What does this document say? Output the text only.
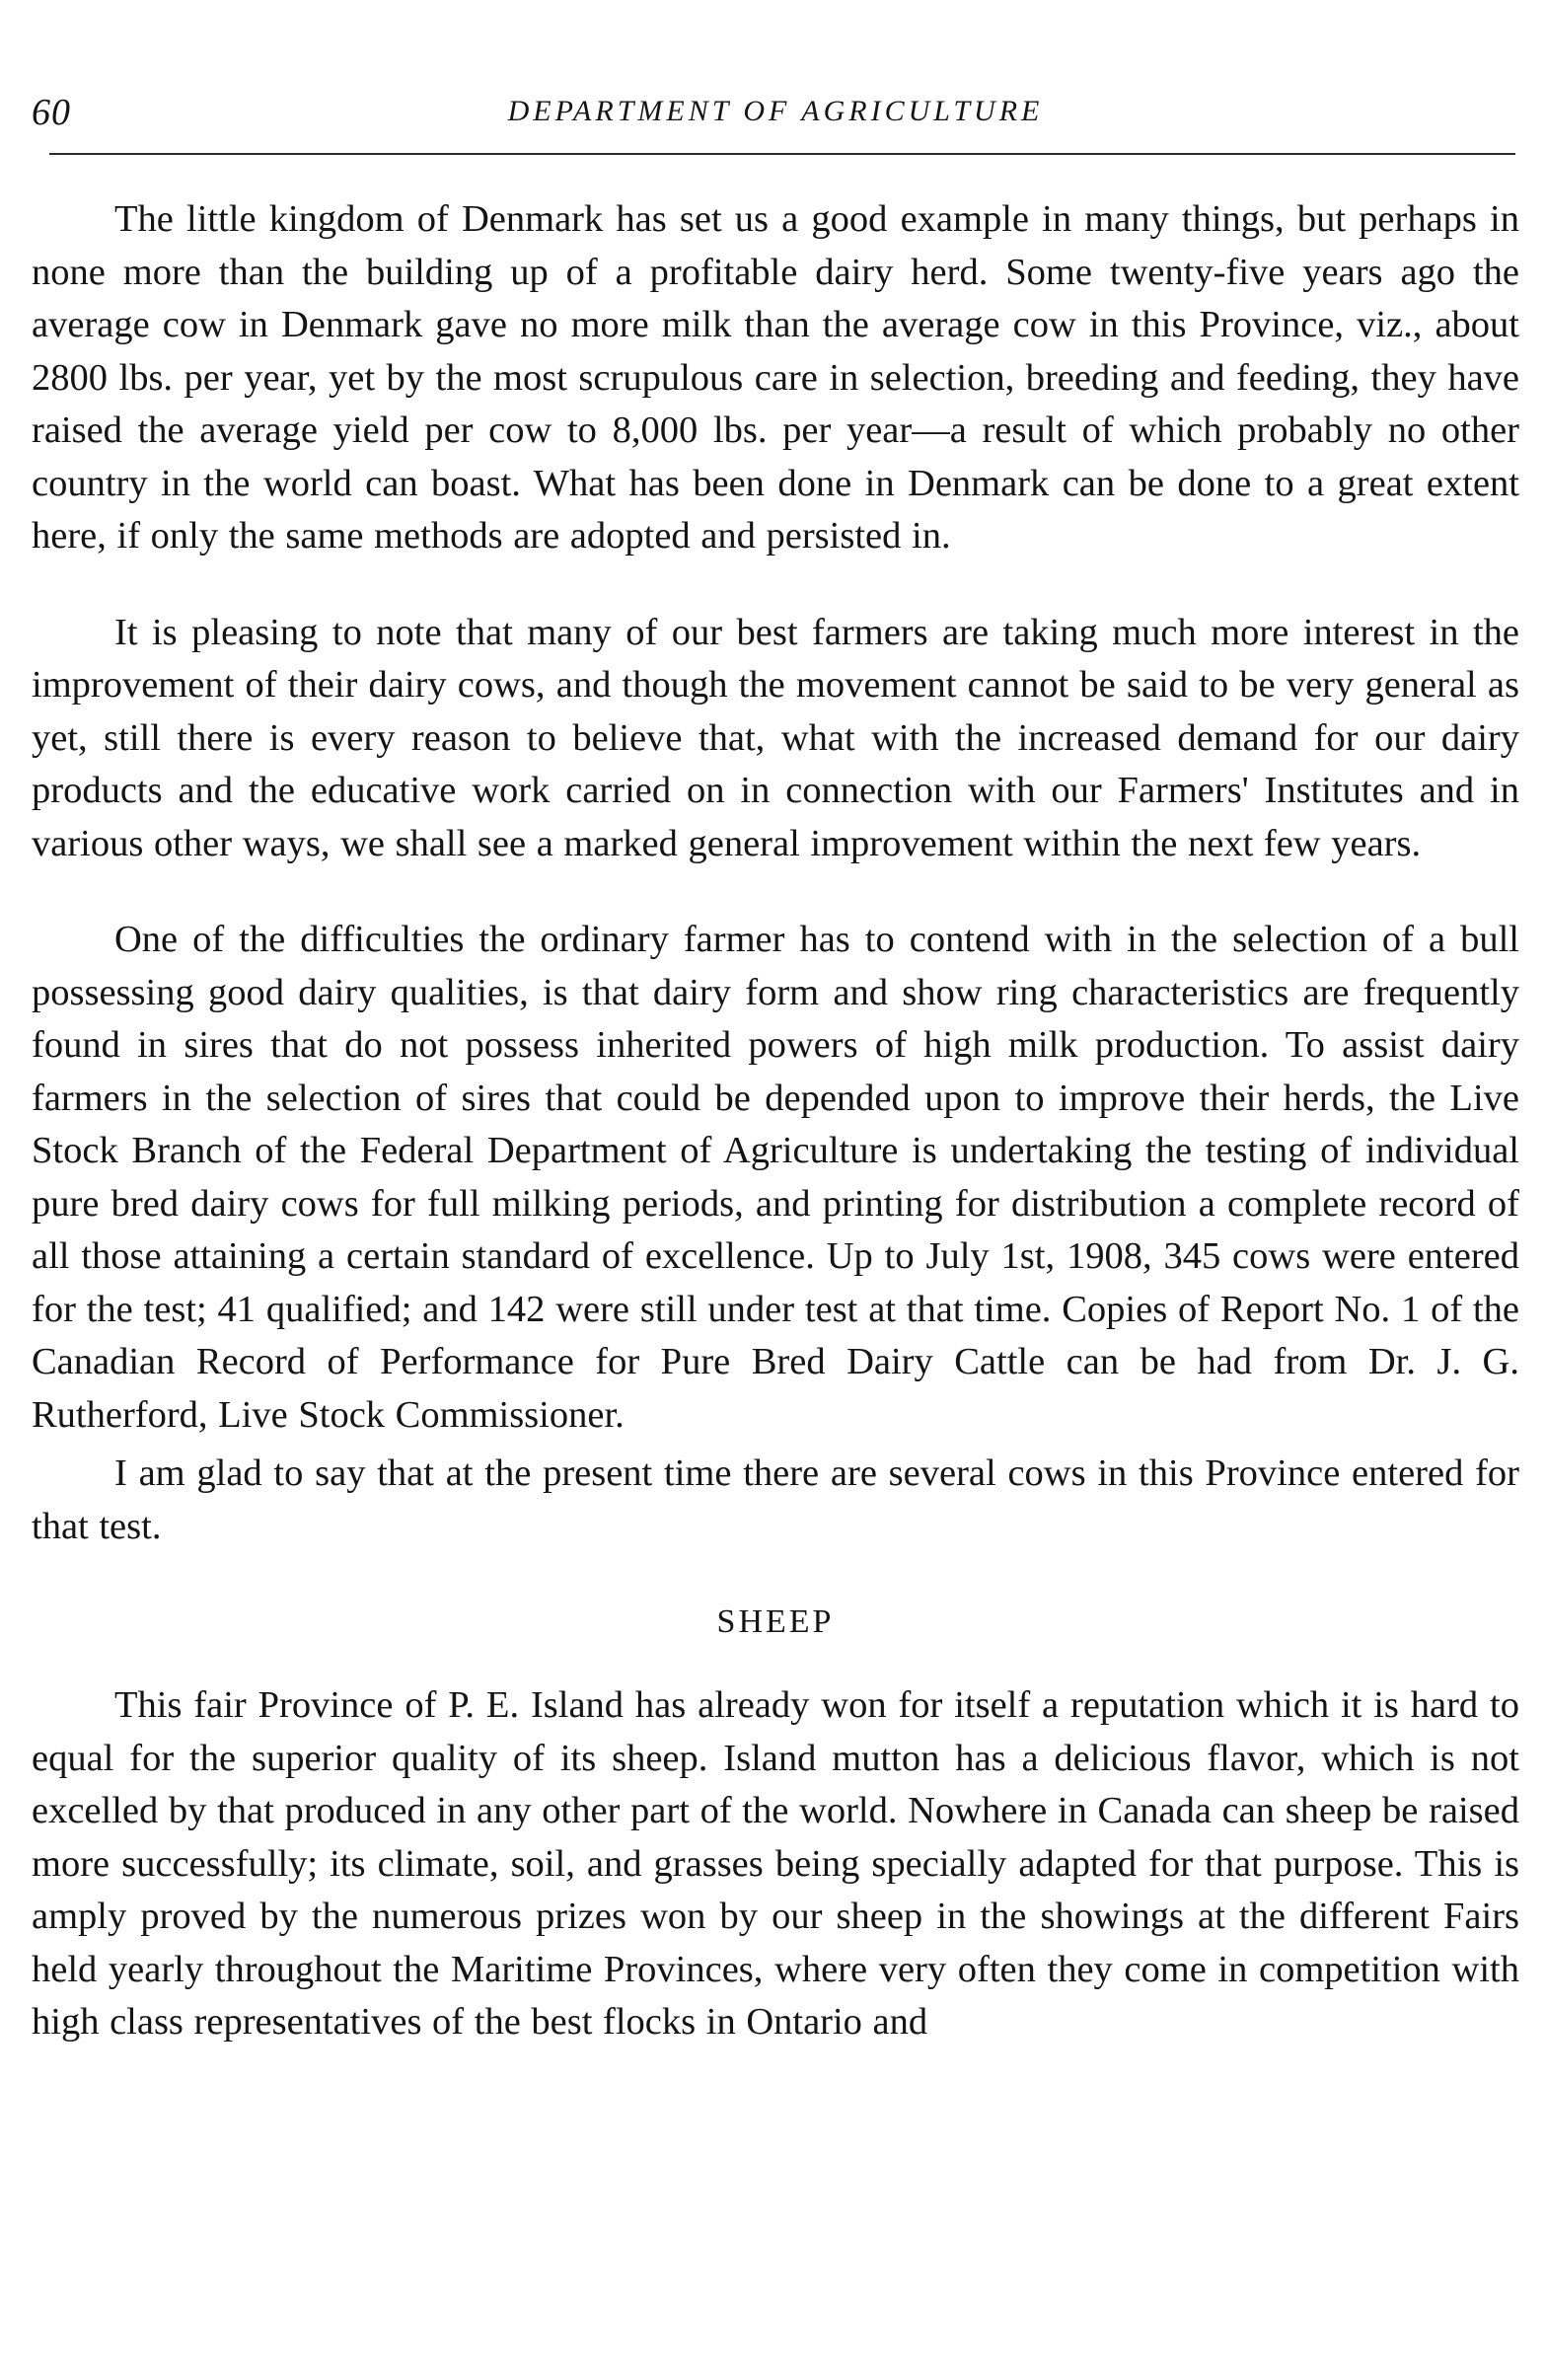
60	DEPARTMENT OF AGRICULTURE

The little kingdom of Denmark has set us a good example in many things, but perhaps in none more than the building up of a profitable dairy herd. Some twenty-five years ago the average cow in Denmark gave no more milk than the average cow in this Province, viz., about 2800 lbs. per year, yet by the most scrupulous care in selection, breeding and feeding, they have raised the average yield per cow to 8,000 lbs. per year—a result of which probably no other country in the world can boast. What has been done in Denmark can be done to a great extent here, if only the same methods are adopted and persisted in.

It is pleasing to note that many of our best farmers are taking much more interest in the improvement of their dairy cows, and though the movement cannot be said to be very general as yet, still there is every reason to believe that, what with the increased demand for our dairy products and the educative work carried on in connection with our Farmers' Institutes and in various other ways, we shall see a marked general improvement within the next few years.

One of the difficulties the ordinary farmer has to contend with in the selection of a bull possessing good dairy qualities, is that dairy form and show ring characteristics are frequently found in sires that do not possess inherited powers of high milk production. To assist dairy farmers in the selection of sires that could be depended upon to improve their herds, the Live Stock Branch of the Federal Department of Agriculture is undertaking the testing of individual pure bred dairy cows for full milking periods, and printing for distribution a complete record of all those attaining a certain standard of excellence. Up to July 1st, 1908, 345 cows were entered for the test; 41 qualified; and 142 were still under test at that time. Copies of Report No. 1 of the Canadian Record of Performance for Pure Bred Dairy Cattle can be had from Dr. J. G. Rutherford, Live Stock Commissioner.

I am glad to say that at the present time there are several cows in this Province entered for that test.

SHEEP

This fair Province of P. E. Island has already won for itself a reputation which it is hard to equal for the superior quality of its sheep. Island mutton has a delicious flavor, which is not excelled by that produced in any other part of the world. Nowhere in Canada can sheep be raised more successfully; its climate, soil, and grasses being specially adapted for that purpose. This is amply proved by the numerous prizes won by our sheep in the showings at the different Fairs held yearly throughout the Maritime Provinces, where very often they come in competition with high class representatives of the best flocks in Ontario and
